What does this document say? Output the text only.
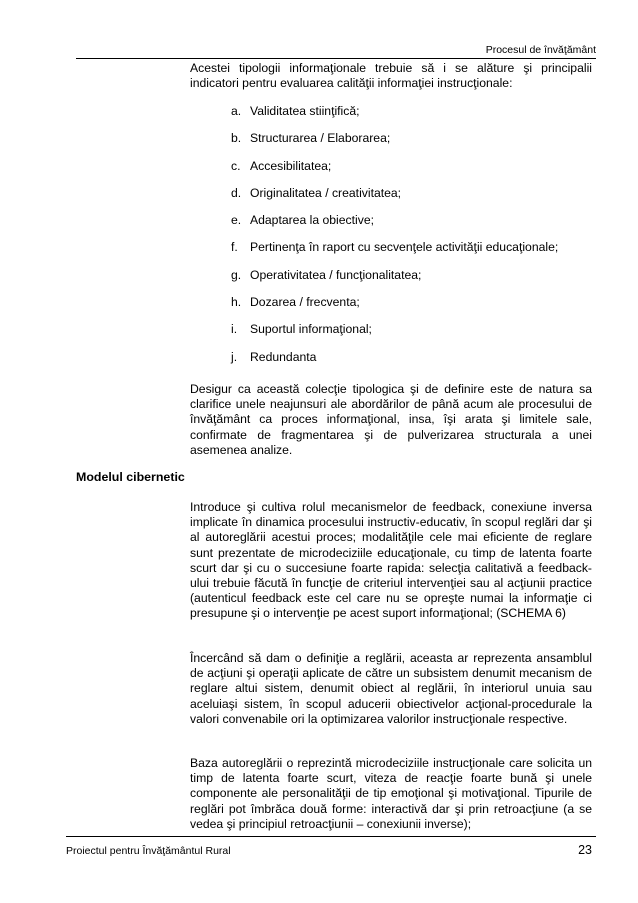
Procesul de învăţământ

Acestei tipologii informaţionale trebuie să i se alăture şi principalii indicatori pentru evaluarea calităţii informaţiei instrucţionale:

a. Validitatea stiinţifică;
b. Structurarea / Elaborarea;
c. Accesibilitatea;
d. Originalitatea / creativitatea;
e. Adaptarea la obiective;
f. Pertinenţa în raport cu secvenţele activităţii educaţionale;
g. Operativitatea / funcţionalitatea;
h. Dozarea / frecventa;
i. Suportul informaţional;
j. Redundanta

Desigur ca această colecţie tipologica şi de definire este de natura sa clarifice unele neajunsuri ale abordărilor de până acum ale procesului de învăţământ ca proces informaţional, insa, îşi arata şi limitele sale, confirmate de fragmentarea şi de pulverizarea structurala a unei asemenea analize.

Modelul cibernetic

Introduce şi cultiva rolul mecanismelor de feedback, conexiune inversa implicate în dinamica procesului instructiv-educativ, în scopul reglări dar şi al autoreglării acestui proces; modalităţile cele mai eficiente de reglare sunt prezentate de microdeciziile educaţionale, cu timp de latenta foarte scurt dar şi cu o succesiune foarte rapida: selecţia calitativă a feedback-ului trebuie făcută în funcţie de criteriul intervenţiei sau al acţiunii practice (autenticul feedback este cel care nu se opreşte numai la informaţie ci presupune şi o intervenţie pe acest suport informaţional; (SCHEMA 6)

Încercând să dam o definiţie a reglării, aceasta ar reprezenta ansamblul de acţiuni şi operaţii aplicate de către un subsistem denumit mecanism de reglare altui sistem, denumit obiect al reglării, în interiorul unuia sau aceluiaşi sistem, în scopul aducerii obiectivelor acţional-procedurale la valori convenabile ori la optimizarea valorilor instrucţionale respective.

Baza autoreglării o reprezintă microdeciziile instrucţionale care solicita un timp de latenta foarte scurt, viteza de reacţie foarte bună şi unele componente ale personalităţii de tip emoţional şi motivaţional. Tipurile de reglări pot îmbrăca două forme: interactivă dar şi prin retroacţiune (a se vedea şi principiul retroacţiunii – conexiunii inverse);

Proiectul pentru Învăţământul Rural	23
